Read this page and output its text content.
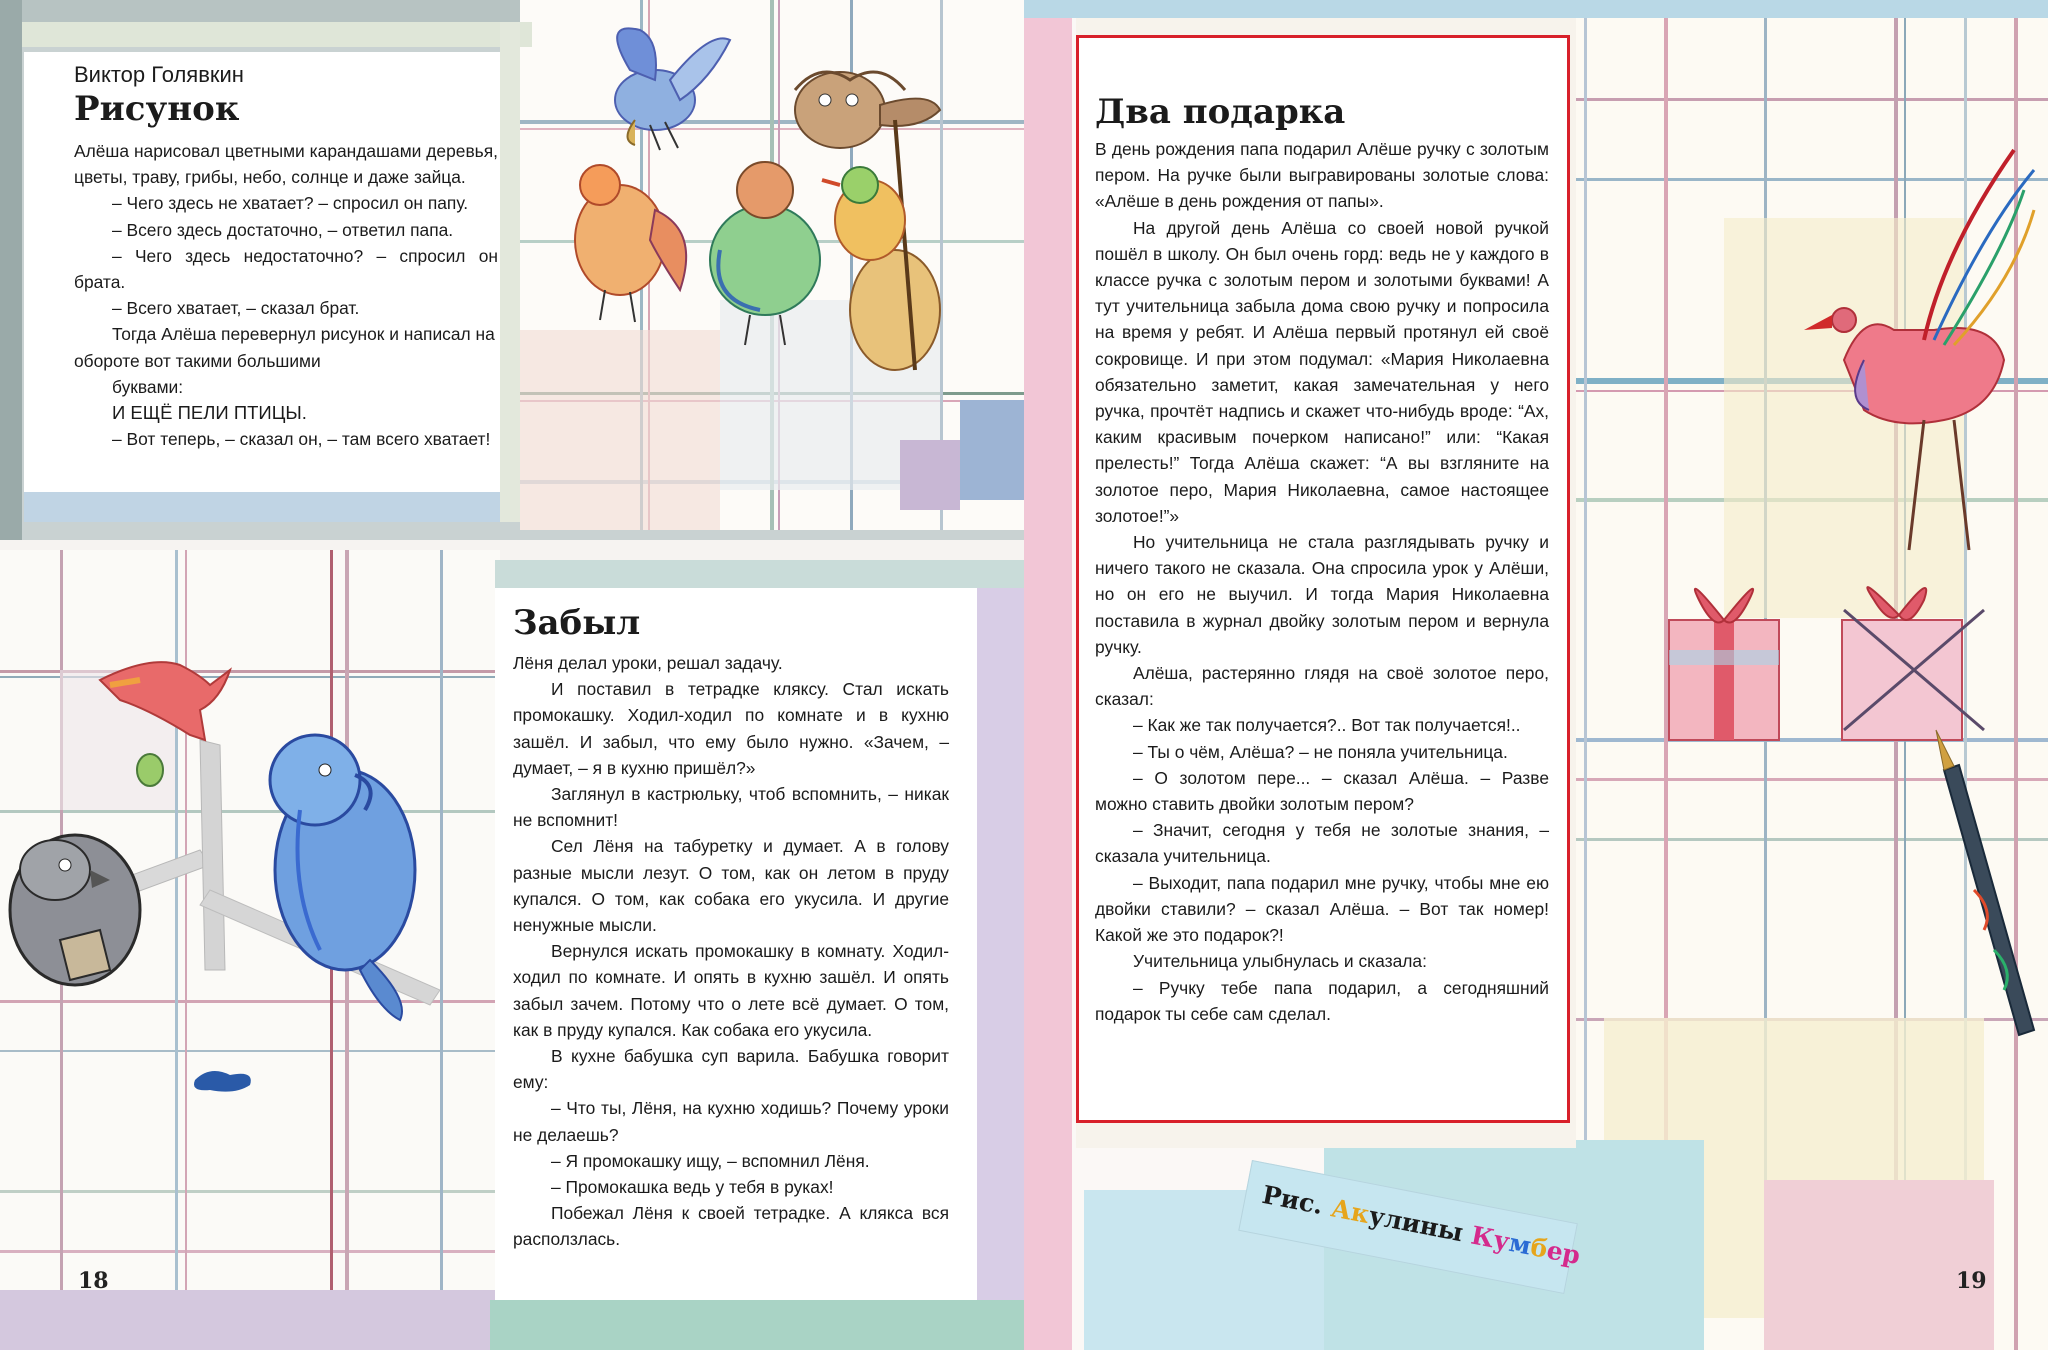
Виктор Голявкин
Рисунок

Алёша нарисовал цветными карандашами деревья, цветы, траву, грибы, небо, солнце и даже зайца.

– Чего здесь не хватает? – спросил он папу.

– Всего здесь достаточно, – ответил папа.

– Чего здесь недостаточно? – спросил он брата.

– Всего хватает, – сказал брат.

Тогда Алёша перевернул рисунок и написал на обороте вот такими большими

буквами:

И ЕЩЁ ПЕЛИ ПТИЦЫ.

– Вот теперь, – сказал он, – там всего хватает!

Забыл

Лёня делал уроки, решал задачу.

И поставил в тетрадке кляксу. Стал искать промокашку. Ходил-ходил по комнате и в кухню зашёл. И забыл, что ему было нужно. «Зачем, – думает, – я в кухню пришёл?»

Заглянул в кастрюльку, чтоб вспомнить, – никак не вспомнит!

Сел Лёня на табуретку и думает. А в голову разные мысли лезут. О том, как он летом в пруду купался. О том, как собака его укусила. И другие ненужные мысли.

Вернулся искать промокашку в комнату. Ходил-ходил по комнате. И опять в кухню зашёл. И опять забыл зачем. Потому что о лете всё думает. О том, как в пруду купался. Как собака его укусила.

В кухне бабушка суп варила. Бабушка говорит ему:

– Что ты, Лёня, на кухню ходишь? Почему уроки не делаешь?

– Я промокашку ищу, – вспомнил Лёня.

– Промокашка ведь у тебя в руках!

Побежал Лёня к своей тетрадке. А клякса вся расползлась.

18
Два подарка

В день рождения папа подарил Алёше ручку с золотым пером. На ручке были выгравированы золотые слова: «Алёше в день рождения от папы».

На другой день Алёша со своей новой ручкой пошёл в школу. Он был очень горд: ведь не у каждого в классе ручка с золотым пером и золотыми буквами! А тут учительница забыла дома свою ручку и попросила на время у ребят. И Алёша первый протянул ей своё сокровище. И при этом подумал: «Мария Николаевна обязательно заметит, какая замечательная у него ручка, прочтёт надпись и скажет что-нибудь вроде: “Ах, каким красивым почерком написано!” или: “Какая прелесть!” Тогда Алёша скажет: “А вы взгляните на золотое перо, Мария Николаевна, самое настоящее золотое!”»

Но учительница не стала разглядывать ручку и ничего такого не сказала. Она спросила урок у Алёши, но он его не выучил. И тогда Мария Николаевна поставила в журнал двойку золотым пером и вернула ручку.

Алёша, растерянно глядя на своё золотое перо, сказал:

– Как же так получается?.. Вот так получается!..

– Ты о чём, Алёша? – не поняла учительница.

– О золотом пере... – сказал Алёша. – Разве можно ставить двойки золотым пером?

– Значит, сегодня у тебя не золотые знания, – сказала учительница.

– Выходит, папа подарил мне ручку, чтобы мне ею двойки ставили? – сказал Алёша. – Вот так номер! Какой же это подарок?!

Учительница улыбнулась и сказала:

– Ручку тебе папа подарил, а сегодняшний подарок ты себе сам сделал.

Рис. Акулины Кумбер
19
